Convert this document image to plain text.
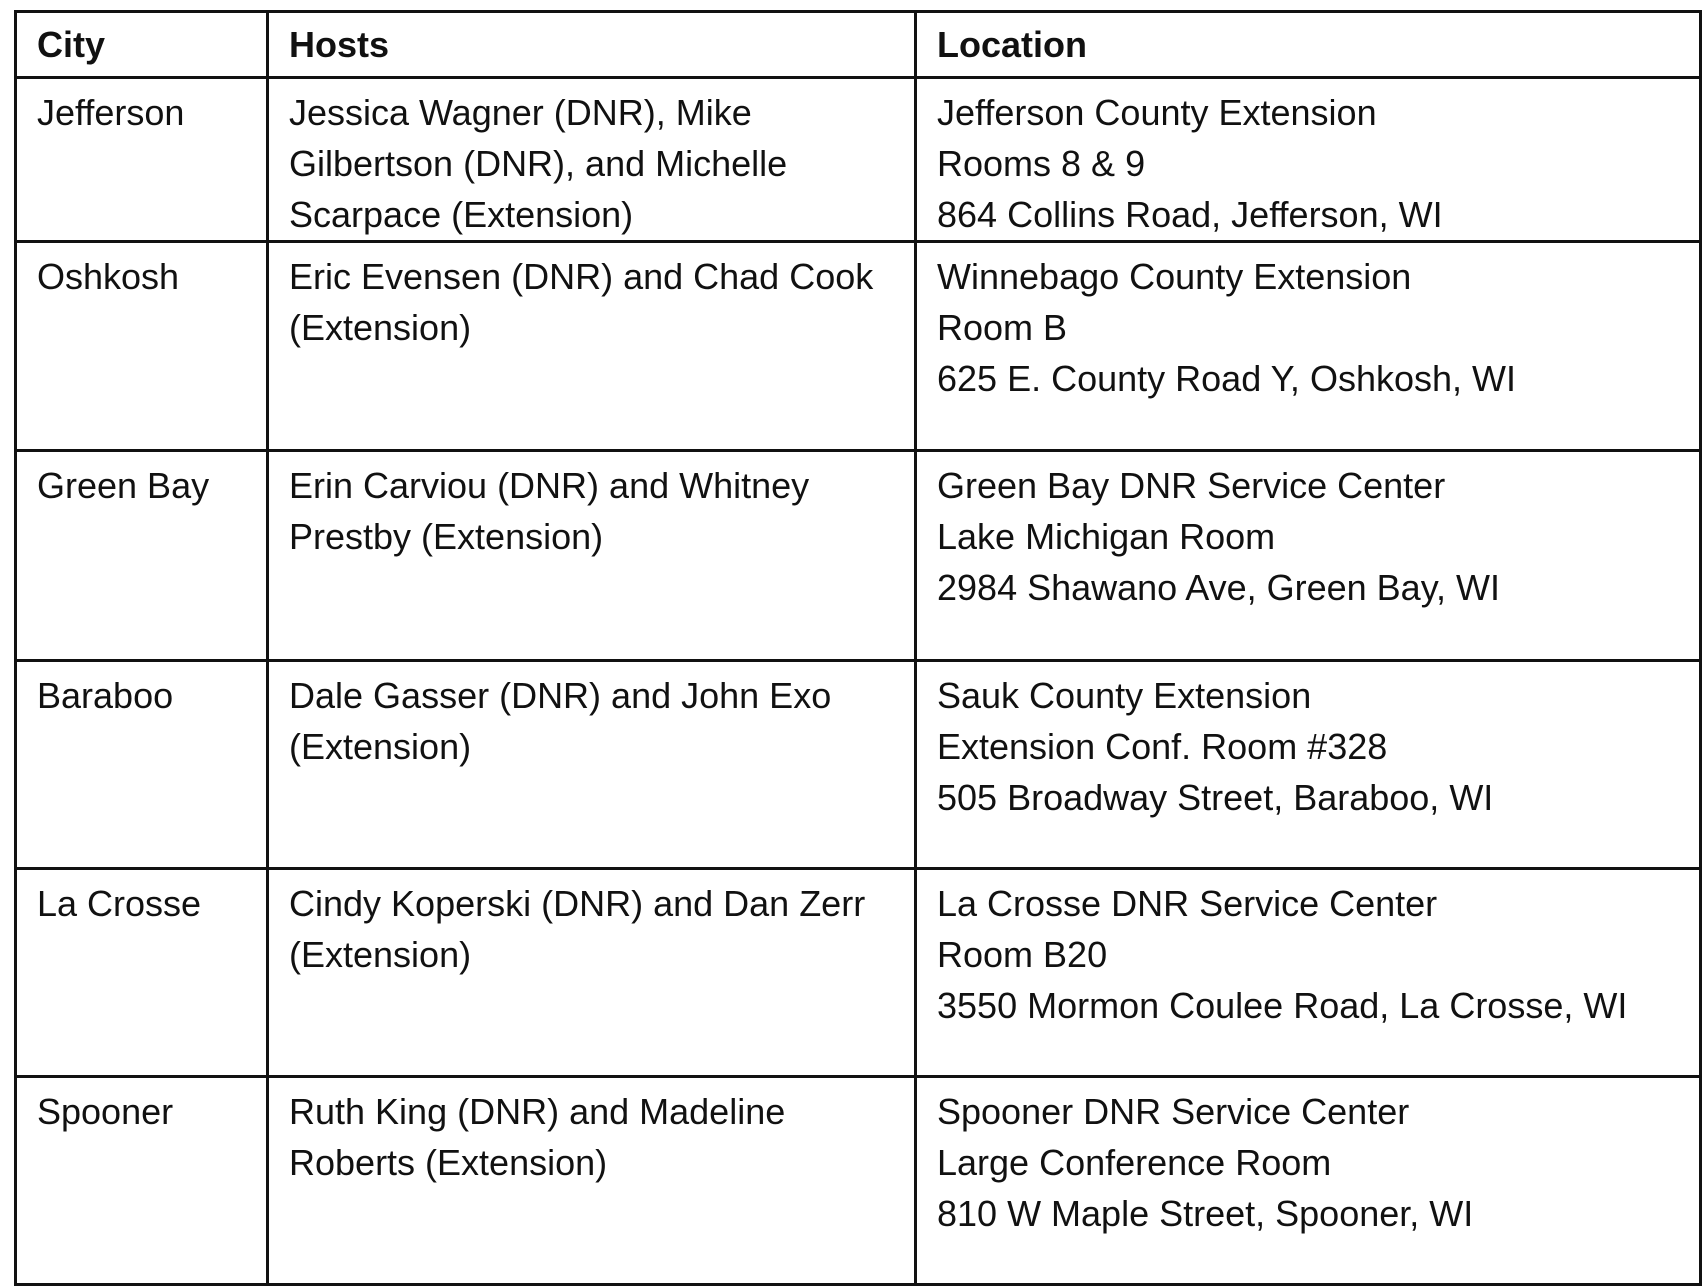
City	Hosts	Location
Jefferson	Jessica Wagner (DNR), Mike Gilbertson (DNR), and Michelle Scarpace (Extension)	Jefferson County Extension
Rooms 8 & 9
864 Collins Road, Jefferson, WI

Oshkosh	Eric Evensen (DNR) and Chad Cook (Extension)	Winnebago County Extension
Room B
625 E. County Road Y, Oshkosh, WI

Green Bay	Erin Carviou (DNR) and Whitney Prestby (Extension)	Green Bay DNR Service Center
Lake Michigan Room
2984 Shawano Ave, Green Bay, WI

Baraboo	Dale Gasser (DNR) and John Exo (Extension)	Sauk County Extension
Extension Conf. Room #328
505 Broadway Street, Baraboo, WI

La Crosse	Cindy Koperski (DNR) and Dan Zerr (Extension)	La Crosse DNR Service Center
Room B20
3550 Mormon Coulee Road, La Crosse, WI

Spooner	Ruth King (DNR) and Madeline Roberts (Extension)	Spooner DNR Service Center
Large Conference Room
810 W Maple Street, Spooner, WI
